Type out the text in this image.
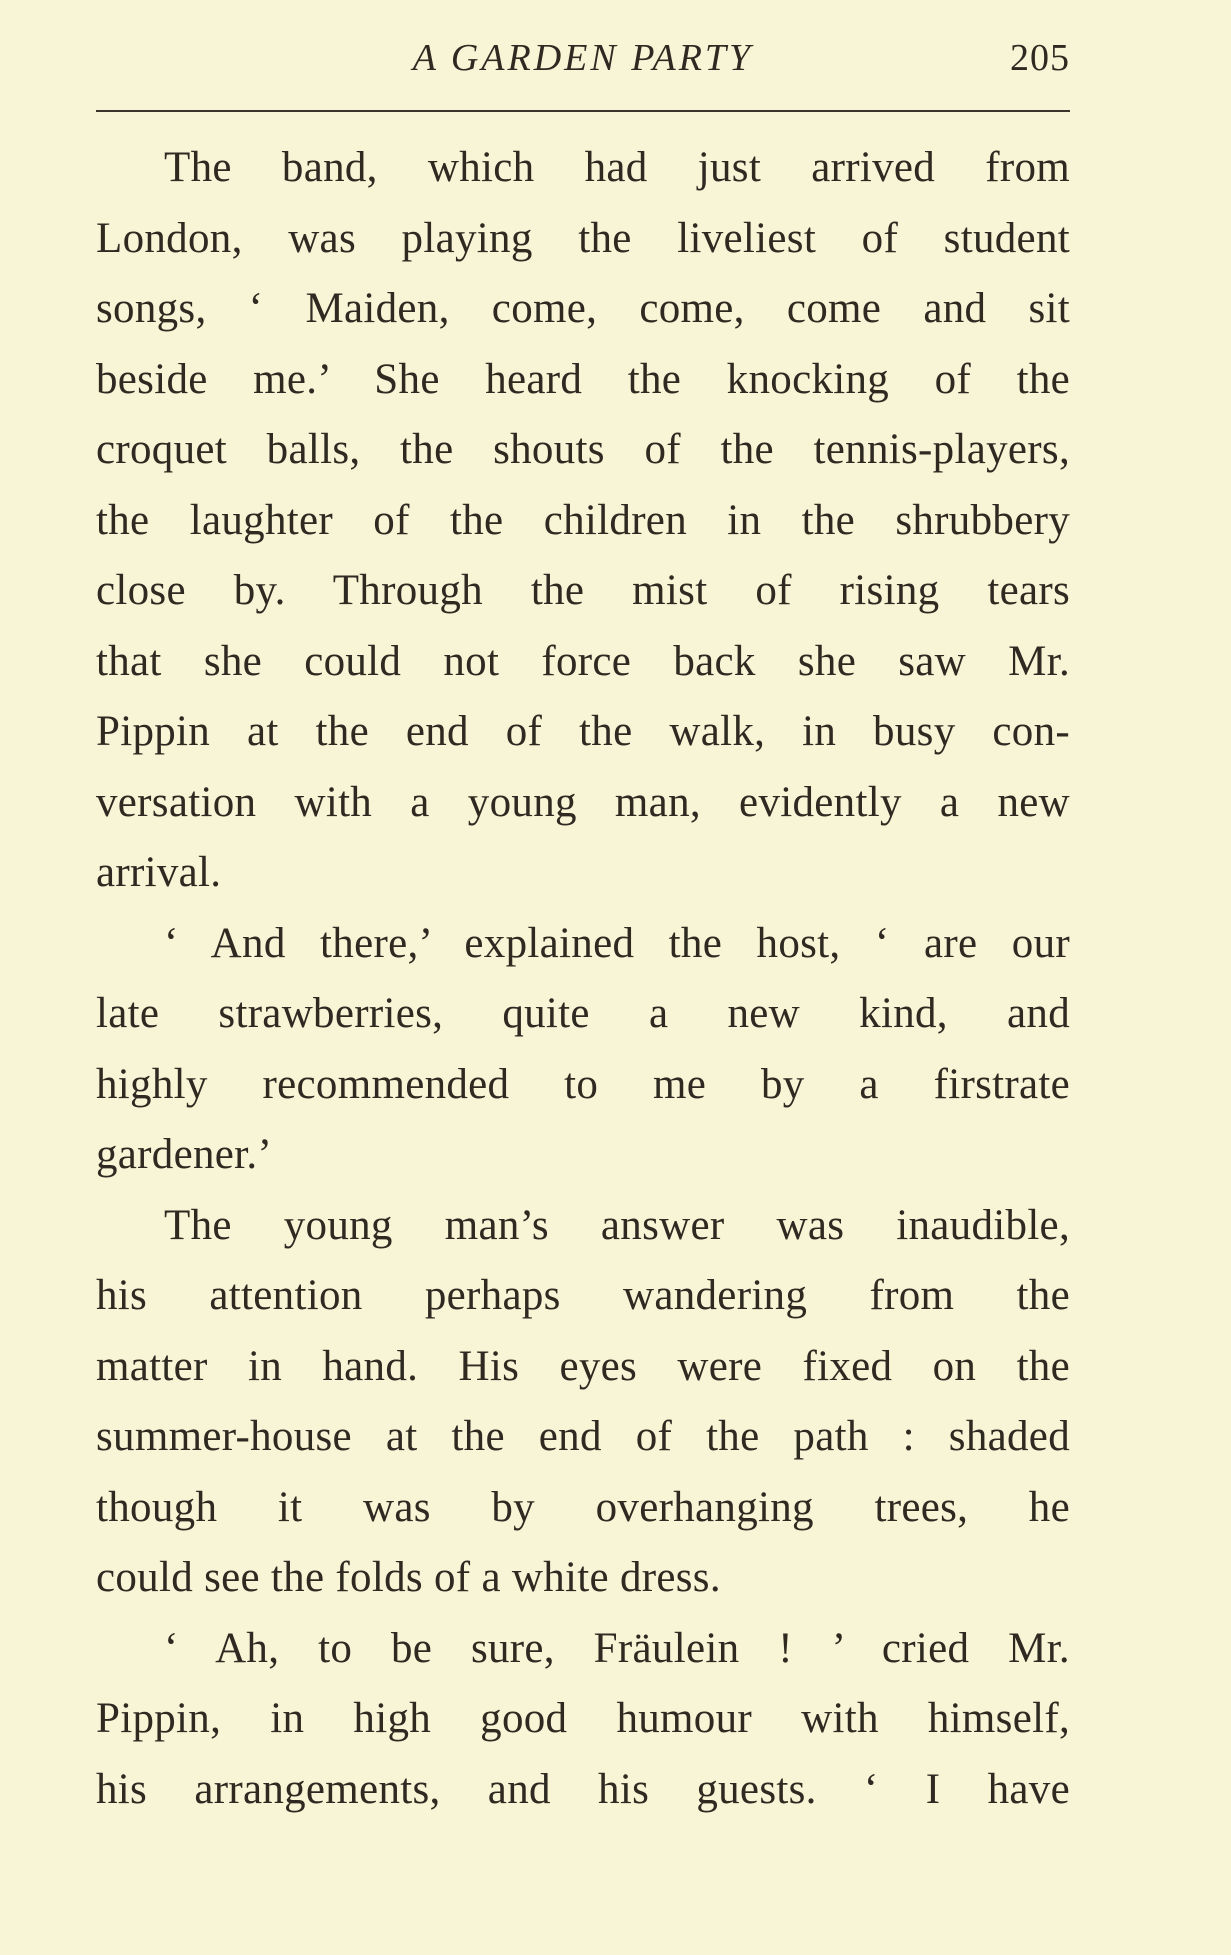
A GARDEN PARTY	205
The band, which had just arrived from
London, was playing the liveliest of student
songs, ‘ Maiden, come, come, come and sit
beside me.’ She heard the knocking of the
croquet balls, the shouts of the tennis-players,
the laughter of the children in the shrubbery
close by. Through the mist of rising tears
that she could not force back she saw Mr.
Pippin at the end of the walk, in busy con-
versation with a young man, evidently a new
arrival.
‘ And there,’ explained the host, ‘ are our
late strawberries, quite a new kind, and
highly recommended to me by a firstrate
gardener.’
The young man’s answer was inaudible,
his attention perhaps wandering from the
matter in hand. His eyes were fixed on the
summer-house at the end of the path : shaded
though it was by overhanging trees, he
could see the folds of a white dress.
‘ Ah, to be sure, Fräulein ! ’ cried Mr.
Pippin, in high good humour with himself,
his arrangements, and his guests. ‘ I have
